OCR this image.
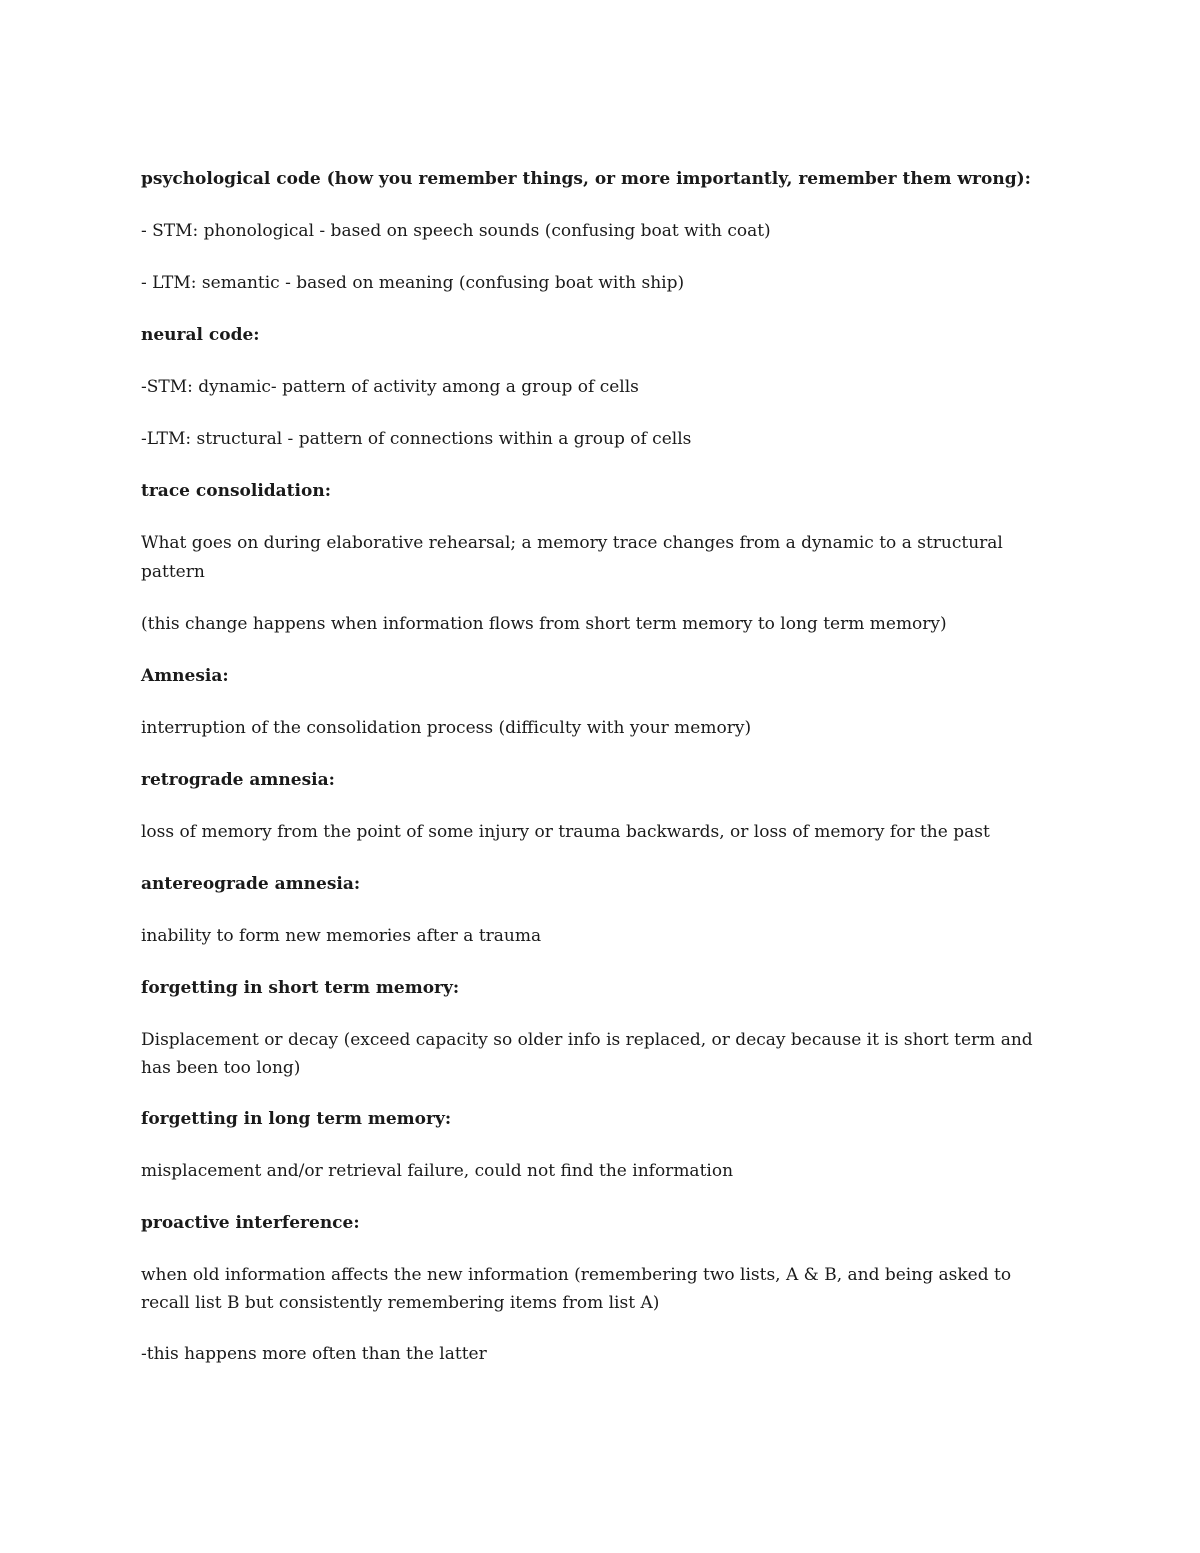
psychological code (how you remember things, or more importantly, remember them wrong):

- STM: phonological - based on speech sounds (confusing boat with coat)

- LTM: semantic - based on meaning (confusing boat with ship)

neural code:

-STM: dynamic- pattern of activity among a group of cells

-LTM: structural - pattern of connections within a group of cells

trace consolidation:

What goes on during elaborative rehearsal; a memory trace changes from a dynamic to a structural pattern

(this change happens when information flows from short term memory to long term memory)

Amnesia:

interruption of the consolidation process (difficulty with your memory)

retrograde amnesia:

loss of memory from the point of some injury or trauma backwards, or loss of memory for the past

antereograde amnesia:

inability to form new memories after a trauma

forgetting in short term memory:

Displacement or decay (exceed capacity so older info is replaced, or decay because it is short term and has been too long)

forgetting in long term memory:

misplacement and/or retrieval failure, could not find the information

proactive interference:

when old information affects the new information (remembering two lists, A & B, and being asked to recall list B but consistently remembering items from list A)

-this happens more often than the latter
